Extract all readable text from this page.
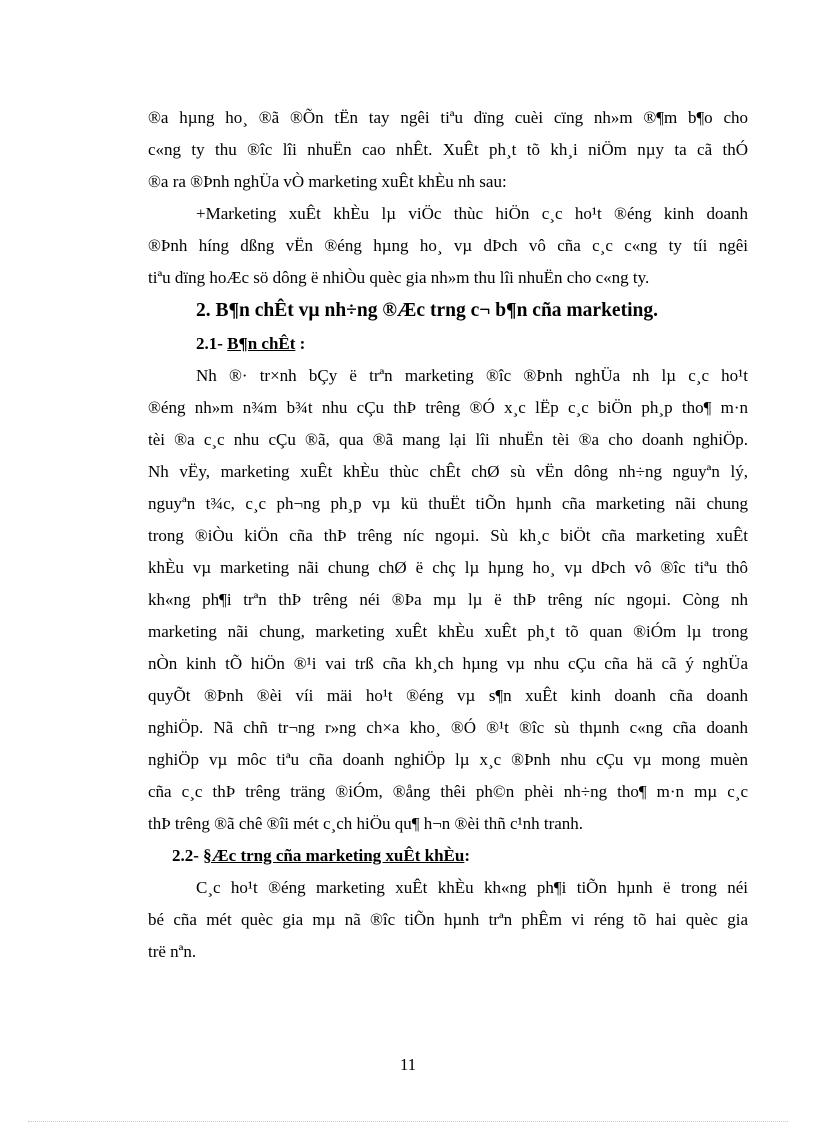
®a hµng ho¸ ®ã ®Õn tËn tay ngêi tiªu dïng cuèi cïng nh»m ®¶m b¶o cho
c«ng ty thu ®îc lîi nhuËn cao nhÊt. XuÊt ph¸t tõ kh¸i niÖm nµy ta cã thÓ
®a ra ®Þnh nghÜa vÒ marketing xuÊt khÈu nh sau:
+Marketing xuÊt khÈu lµ viÖc thùc hiÖn c¸c ho¹t ®éng kinh doanh
®Þnh híng dßng vËn ®éng hµng ho¸ vµ dÞch vô cña c¸c c«ng ty tíi ngêi
tiªu dïng hoÆc sö dông ë nhiÒu quèc gia nh»m thu lîi nhuËn cho c«ng ty.
2. B¶n chÊt vµ nh÷ng ®Æc trng c¬ b¶n cña marketing.
2.1- B¶n chÊt :
Nh ®· tr×nh bÇy ë trªn marketing ®îc ®Þnh nghÜa nh lµ c¸c ho¹t
®éng nh»m n¾m b¾t nhu cÇu thÞ trêng ®Ó x¸c lËp c¸c biÖn ph¸p tho¶ m·n
tèi ®a c¸c nhu cÇu ®ã, qua ®ã mang lại lîi nhuËn tèi ®a cho doanh nghiÖp.
Nh vËy, marketing xuÊt khÈu thùc chÊt chØ sù vËn dông nh÷ng nguyªn lý,
nguyªn t¾c, c¸c ph¬ng ph¸p vµ kü thuËt tiÕn hµnh cña marketing nãi chung
trong ®iÒu kiÖn cña thÞ trêng níc ngoµi. Sù kh¸c biÖt cña marketing xuÊt
khÈu vµ marketing nãi chung chØ ë chç lµ hµng ho¸ vµ dÞch vô ®îc tiªu thô
kh«ng ph¶i trªn thÞ trêng néi ®Þa mµ lµ ë thÞ trêng níc ngoµi. Còng nh
marketing nãi chung, marketing xuÊt khÈu xuÊt ph¸t tõ quan ®iÓm lµ trong
nÒn kinh tÕ hiÖn ®¹i vai trß cña kh¸ch hµng vµ nhu cÇu cña hä cã ý nghÜa
quyÕt ®Þnh ®èi víi mäi ho¹t ®éng vµ s¶n xuÊt kinh doanh cña doanh
nghiÖp. Nã chñ tr¬ng r»ng ch×a kho¸ ®Ó ®¹t ®îc sù thµnh c«ng cña doanh
nghiÖp vµ môc tiªu cña doanh nghiÖp lµ x¸c ®Þnh nhu cÇu vµ mong muèn
cña c¸c thÞ trêng träng ®iÓm, ®ång thêi ph©n phèi nh÷ng tho¶ m·n mµ c¸c
thÞ trêng ®ã chê ®îi mét c¸ch hiÖu qu¶ h¬n ®èi thñ c¹nh tranh.
2.2- §Æc trng cña marketing xuÊt khÈu:
C¸c ho¹t ®éng marketing xuÊt khÈu kh«ng ph¶i tiÕn hµnh ë trong néi
bé cña mét quèc gia mµ nã ®îc tiÕn hµnh trªn phÊm vi réng tõ hai quèc gia
trë nªn.
11
